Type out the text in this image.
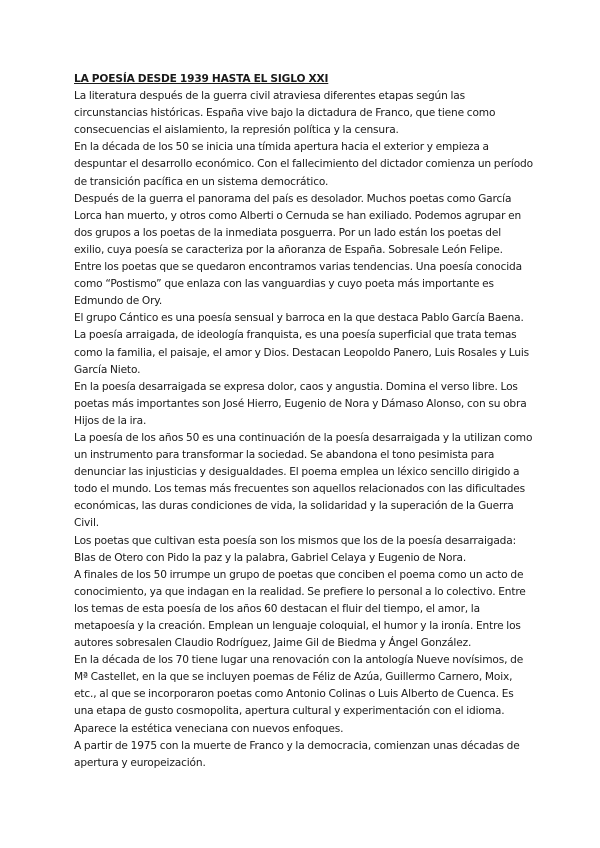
LA POESÍA DESDE 1939 HASTA EL SIGLO XXI

La literatura después de la guerra civil atraviesa diferentes etapas según las circunstancias históricas. España vive bajo la dictadura de Franco, que tiene como consecuencias el aislamiento, la represión política y la censura.

En la década de los 50 se inicia una tímida apertura hacia el exterior y empieza a despuntar el desarrollo económico. Con el fallecimiento del dictador comienza un período de transición pacífica en un sistema democrático.

Después de la guerra el panorama del país es desolador. Muchos poetas como García Lorca han muerto, y otros como Alberti o Cernuda se han exiliado. Podemos agrupar en dos grupos a los poetas de la inmediata posguerra. Por un lado están los poetas del exilio, cuya poesía se caracteriza por la añoranza de España. Sobresale León Felipe.

Entre los poetas que se quedaron encontramos varias tendencias. Una poesía conocida como “Postismo” que enlaza con las vanguardias y cuyo poeta más importante es Edmundo de Ory.

El grupo Cántico es una poesía sensual y barroca en la que destaca Pablo García Baena.

La poesía arraigada, de ideología franquista, es una poesía superficial que trata temas como la familia, el paisaje, el amor y Dios. Destacan Leopoldo Panero, Luis Rosales y Luis García Nieto.

En la poesía desarraigada se expresa dolor, caos y angustia. Domina el verso libre. Los poetas más importantes son José Hierro, Eugenio de Nora y Dámaso Alonso, con su obra Hijos de la ira.

La poesía de los años 50 es una continuación de la poesía desarraigada y la utilizan como un instrumento para transformar la sociedad. Se abandona el tono pesimista para denunciar las injusticias y desigualdades. El poema emplea un léxico sencillo dirigido a todo el mundo. Los temas más frecuentes son aquellos relacionados con las dificultades económicas, las duras condiciones de vida, la solidaridad y la superación de la Guerra Civil.

Los poetas que cultivan esta poesía son los mismos que los de la poesía desarraigada: Blas de Otero con Pido la paz y la palabra, Gabriel Celaya y Eugenio de Nora.

A finales de los 50 irrumpe un grupo de poetas que conciben el poema como un acto de conocimiento, ya que indagan en la realidad. Se prefiere lo personal a lo colectivo. Entre los temas de esta poesía de los años 60 destacan el fluir del tiempo, el amor, la metapoesía y la creación. Emplean un lenguaje coloquial, el humor y la ironía. Entre los autores sobresalen Claudio Rodríguez, Jaime Gil de Biedma y Ángel González.

En la década de los 70 tiene lugar una renovación con la antología Nueve novísimos, de Mª Castellet, en la que se incluyen poemas de Féliz de Azúa, Guillermo Carnero, Moix, etc., al que se incorporaron poetas como Antonio Colinas o Luis Alberto de Cuenca. Es una etapa de gusto cosmopolita, apertura cultural y experimentación con el idioma. Aparece la estética veneciana con nuevos enfoques.

A partir de 1975 con la muerte de Franco y la democracia, comienzan unas décadas de apertura y europeización.
